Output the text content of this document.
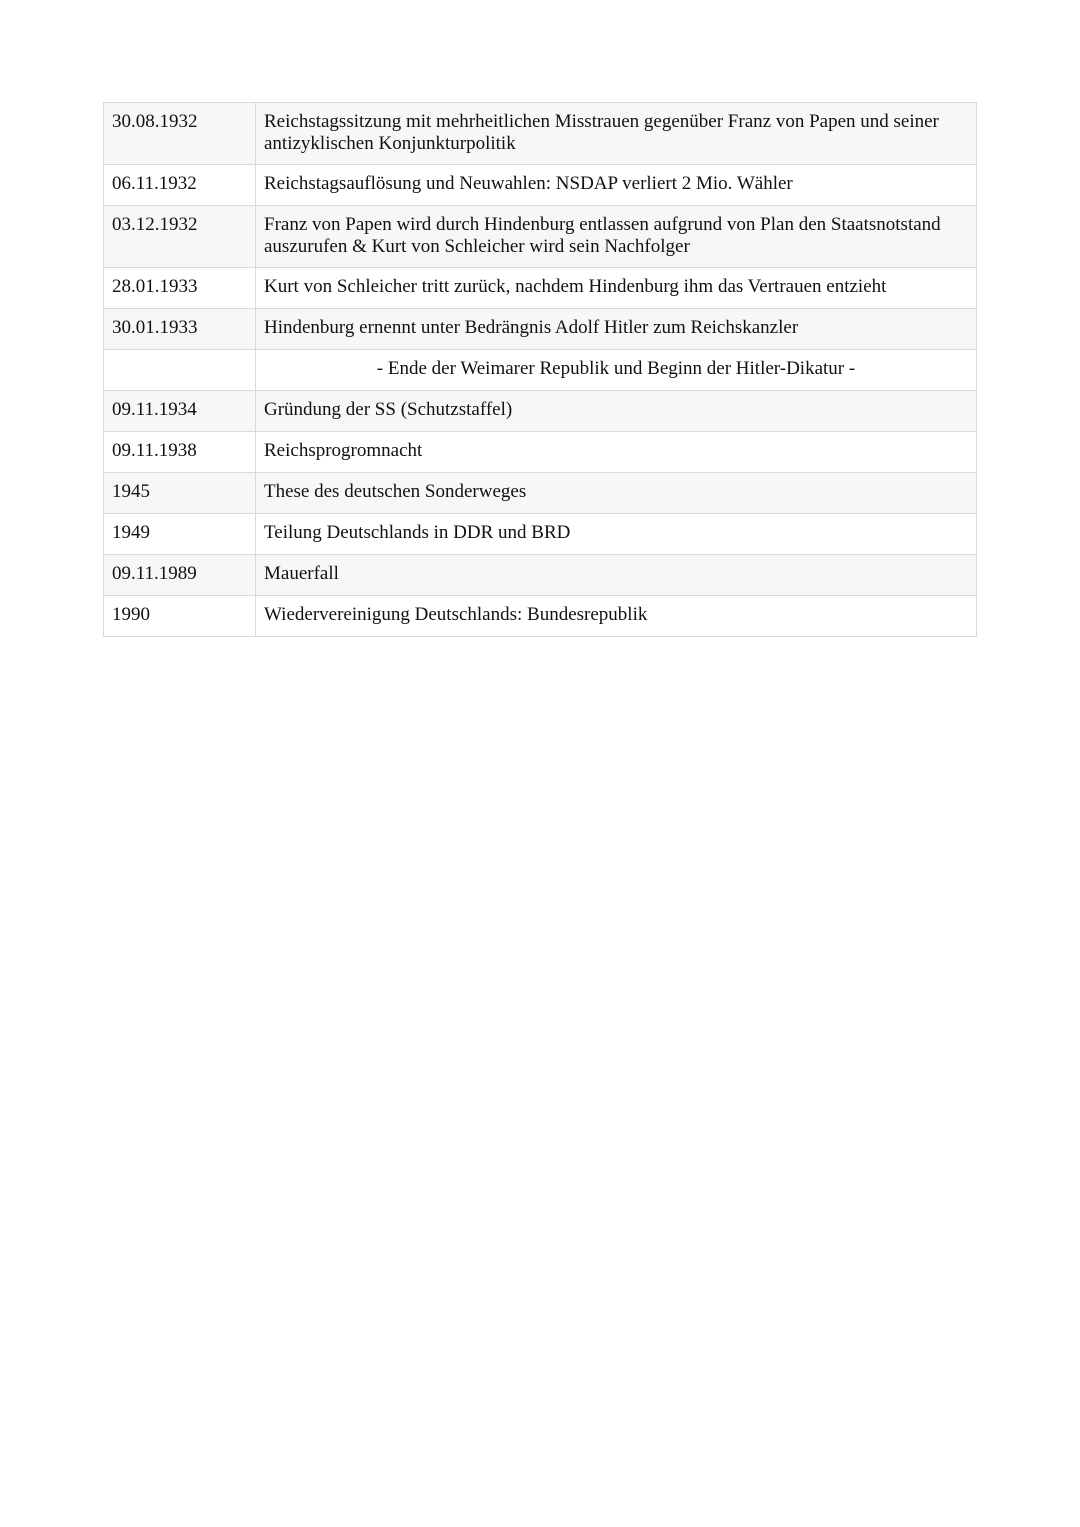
30.08.1932	Reichstagssitzung mit mehrheitlichen Misstrauen gegenüber Franz von Papen und seiner antizyklischen Konjunkturpolitik
06.11.1932	Reichstagsauflösung und Neuwahlen: NSDAP verliert 2 Mio. Wähler
03.12.1932	Franz von Papen wird durch Hindenburg entlassen aufgrund von Plan den Staatsnotstand auszurufen & Kurt von Schleicher wird sein Nachfolger
28.01.1933	Kurt von Schleicher tritt zurück, nachdem Hindenburg ihm das Vertrauen entzieht
30.01.1933	Hindenburg ernennt unter Bedrängnis Adolf Hitler zum Reichskanzler
	- Ende der Weimarer Republik und Beginn der Hitler-Dikatur -
09.11.1934	Gründung der SS (Schutzstaffel)
09.11.1938	Reichsprogromnacht
1945	These des deutschen Sonderweges
1949	Teilung Deutschlands in DDR und BRD
09.11.1989	Mauerfall
1990	Wiedervereinigung Deutschlands: Bundesrepublik
